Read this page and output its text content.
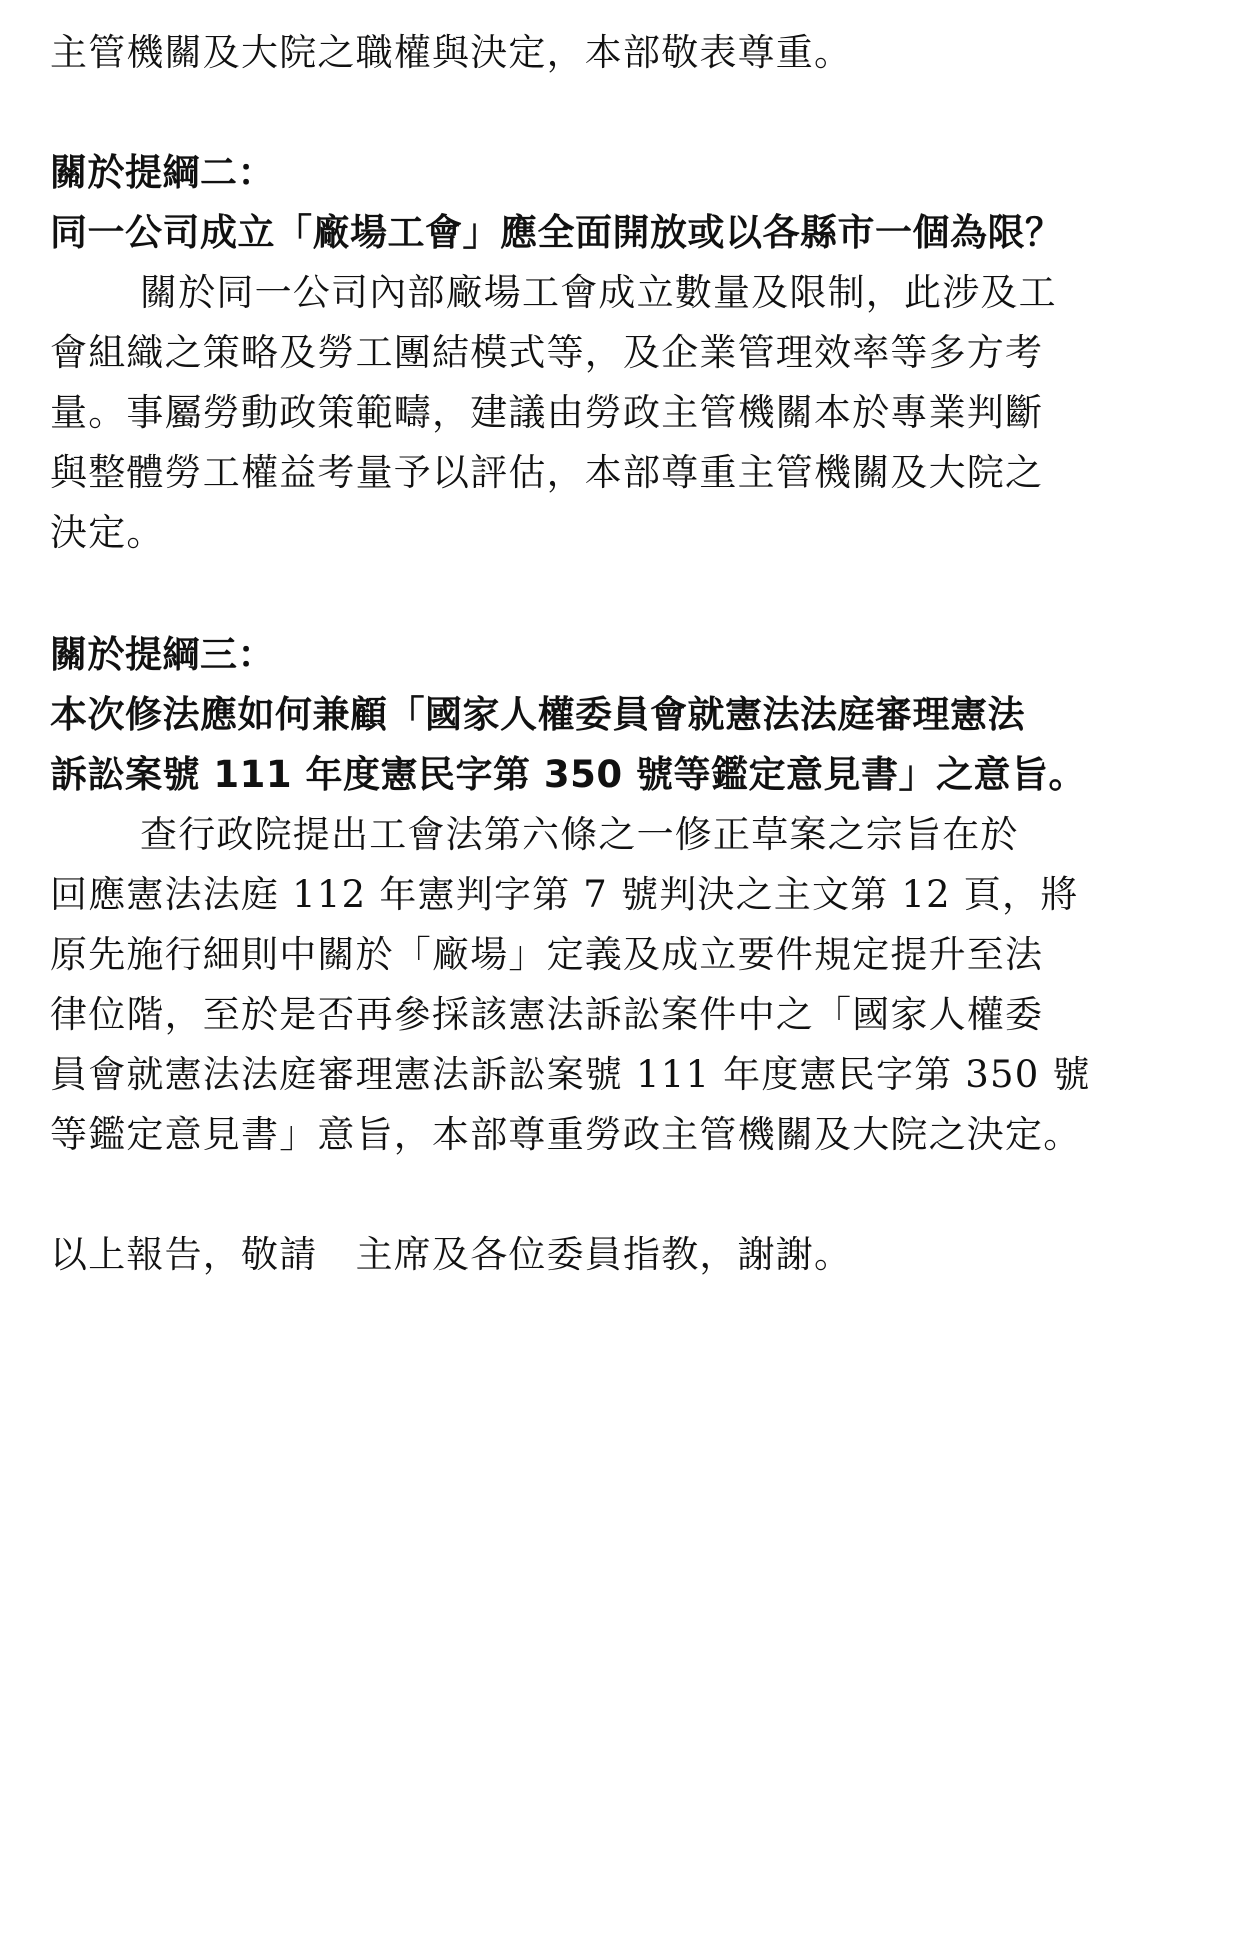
主管機關及大院之職權與決定，本部敬表尊重。
關於提綱二：
同一公司成立「廠場工會」應全面開放或以各縣市一個為限？
關於同一公司內部廠場工會成立數量及限制，此涉及工
會組織之策略及勞工團結模式等，及企業管理效率等多方考
量。事屬勞動政策範疇，建議由勞政主管機關本於專業判斷
與整體勞工權益考量予以評估，本部尊重主管機關及大院之
決定。
關於提綱三：
本次修法應如何兼顧「國家人權委員會就憲法法庭審理憲法
訴訟案號 111 年度憲民字第 350 號等鑑定意見書」之意旨。
查行政院提出工會法第六條之一修正草案之宗旨在於
回應憲法法庭 112 年憲判字第 7 號判決之主文第 12 頁，將
原先施行細則中關於「廠場」定義及成立要件規定提升至法
律位階，至於是否再參採該憲法訴訟案件中之「國家人權委
員會就憲法法庭審理憲法訴訟案號 111 年度憲民字第 350 號
等鑑定意見書」意旨，本部尊重勞政主管機關及大院之決定。
以上報告，敬請　主席及各位委員指教，謝謝。
